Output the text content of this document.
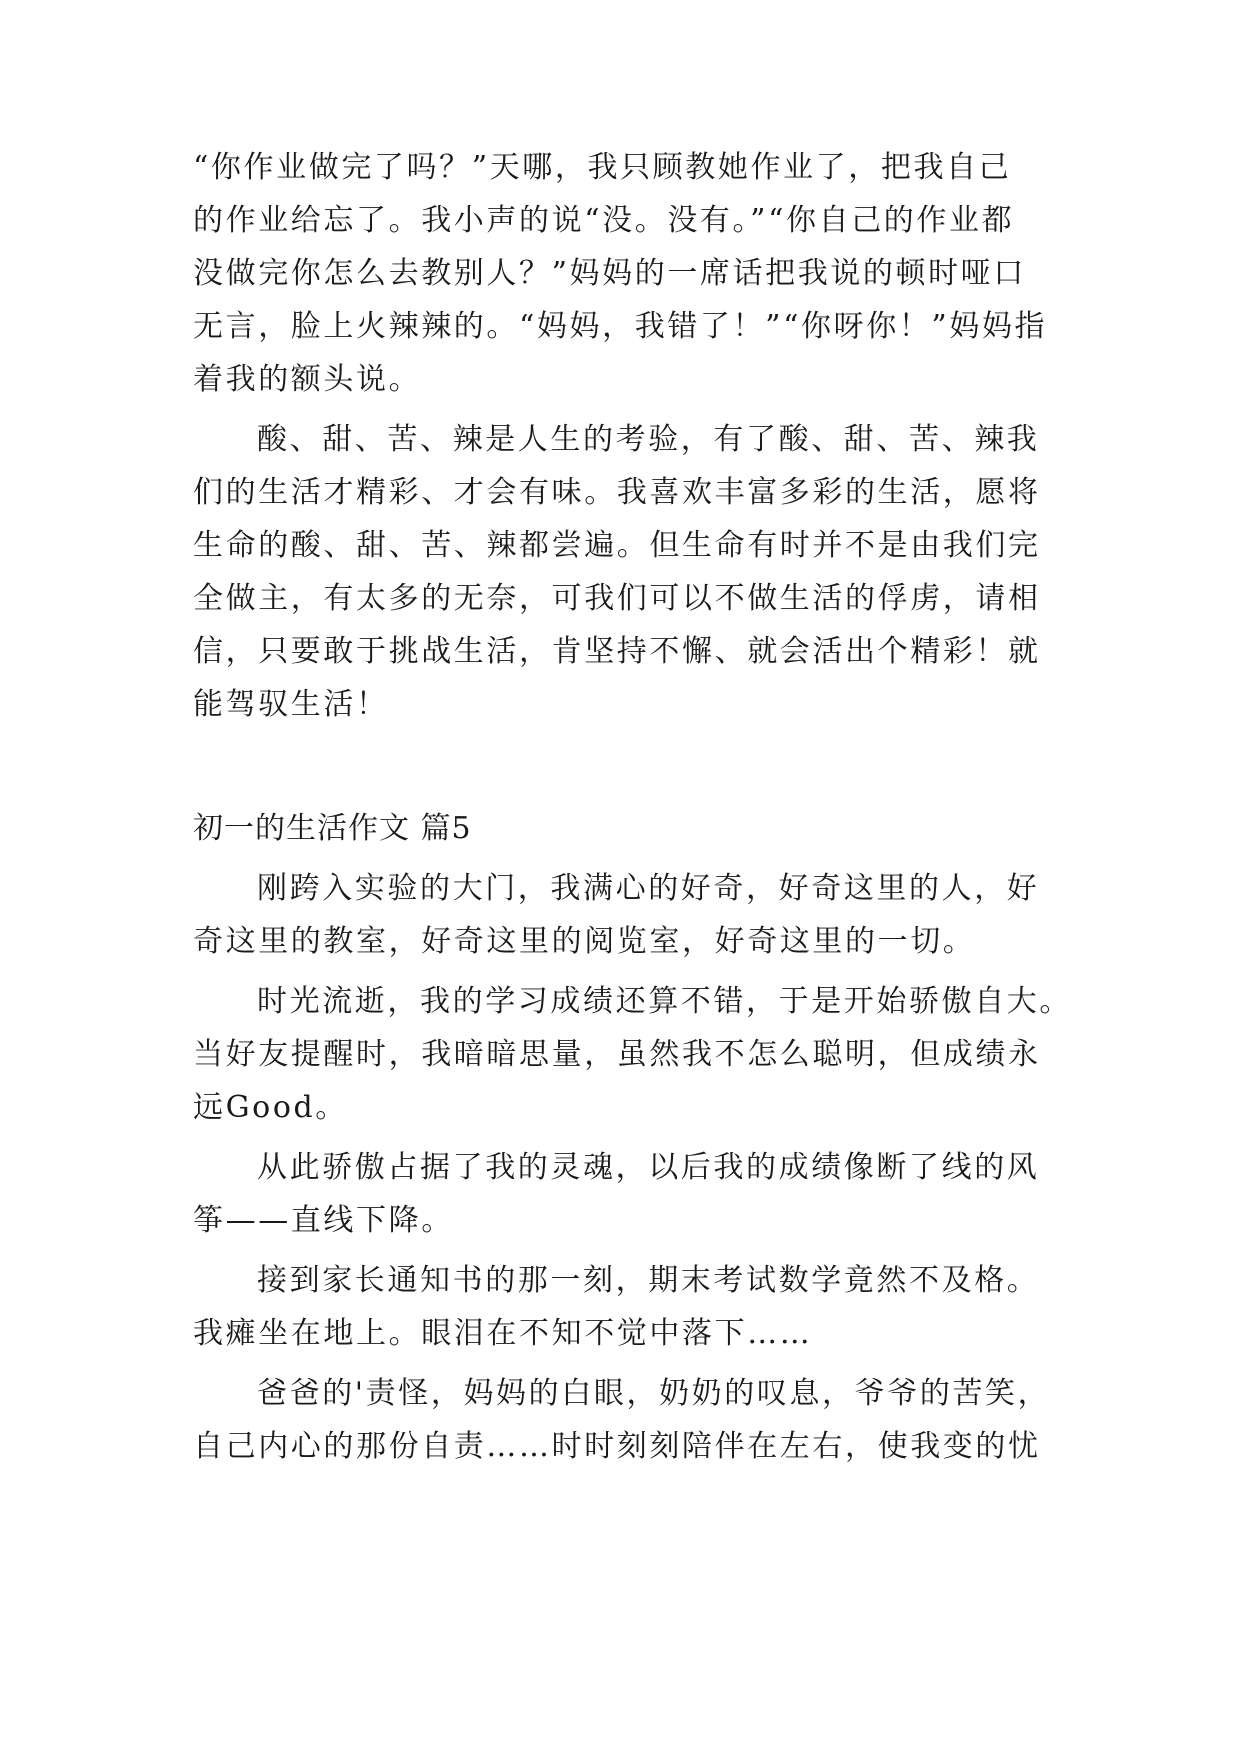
“你作业做完了吗？”天哪，我只顾教她作业了，把我自己
的作业给忘了。我小声的说“没。没有。”“你自己的作业都
没做完你怎么去教别人？”妈妈的一席话把我说的顿时哑口
无言，脸上火辣辣的。“妈妈，我错了！”“你呀你！”妈妈指
着我的额头说。
酸、甜、苦、辣是人生的考验，有了酸、甜、苦、辣我
们的生活才精彩、才会有味。我喜欢丰富多彩的生活，愿将
生命的酸、甜、苦、辣都尝遍。但生命有时并不是由我们完
全做主，有太多的无奈，可我们可以不做生活的俘虏，请相
信，只要敢于挑战生活，肯坚持不懈、就会活出个精彩！就
能驾驭生活！
初一的生活作文 篇5
刚跨入实验的大门，我满心的好奇，好奇这里的人，好
奇这里的教室，好奇这里的阅览室，好奇这里的一切。
时光流逝，我的学习成绩还算不错，于是开始骄傲自大。
当好友提醒时，我暗暗思量，虽然我不怎么聪明，但成绩永
远Good。
从此骄傲占据了我的灵魂，以后我的成绩像断了线的风
筝——直线下降。
接到家长通知书的那一刻，期末考试数学竟然不及格。
我瘫坐在地上。眼泪在不知不觉中落下……
爸爸的'责怪，妈妈的白眼，奶奶的叹息，爷爷的苦笑，
自己内心的那份自责……时时刻刻陪伴在左右，使我变的忧
